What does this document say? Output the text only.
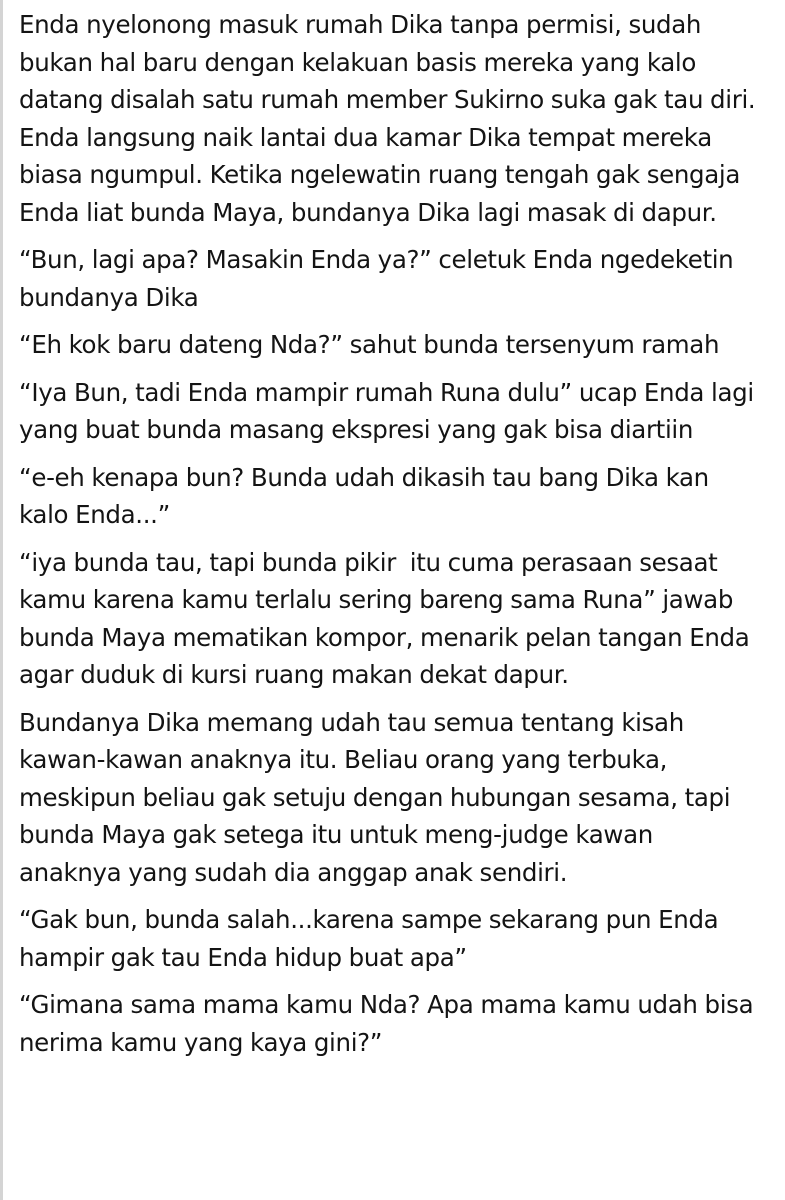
Enda nyelonong masuk rumah Dika tanpa permisi, sudah
bukan hal baru dengan kelakuan basis mereka yang kalo
datang disalah satu rumah member Sukirno suka gak tau diri.
Enda langsung naik lantai dua kamar Dika tempat mereka
biasa ngumpul. Ketika ngelewatin ruang tengah gak sengaja
Enda liat bunda Maya, bundanya Dika lagi masak di dapur.

“Bun, lagi apa? Masakin Enda ya?” celetuk Enda ngedeketin
bundanya Dika

“Eh kok baru dateng Nda?” sahut bunda tersenyum ramah

“Iya Bun, tadi Enda mampir rumah Runa dulu” ucap Enda lagi
yang buat bunda masang ekspresi yang gak bisa diartiin

“e-eh kenapa bun? Bunda udah dikasih tau bang Dika kan
kalo Enda...”

“iya bunda tau, tapi bunda pikir  itu cuma perasaan sesaat
kamu karena kamu terlalu sering bareng sama Runa” jawab
bunda Maya mematikan kompor, menarik pelan tangan Enda
agar duduk di kursi ruang makan dekat dapur.

Bundanya Dika memang udah tau semua tentang kisah
kawan-kawan anaknya itu. Beliau orang yang terbuka,
meskipun beliau gak setuju dengan hubungan sesama, tapi
bunda Maya gak setega itu untuk meng-judge kawan
anaknya yang sudah dia anggap anak sendiri.

“Gak bun, bunda salah...karena sampe sekarang pun Enda
hampir gak tau Enda hidup buat apa”

“Gimana sama mama kamu Nda? Apa mama kamu udah bisa
nerima kamu yang kaya gini?”
